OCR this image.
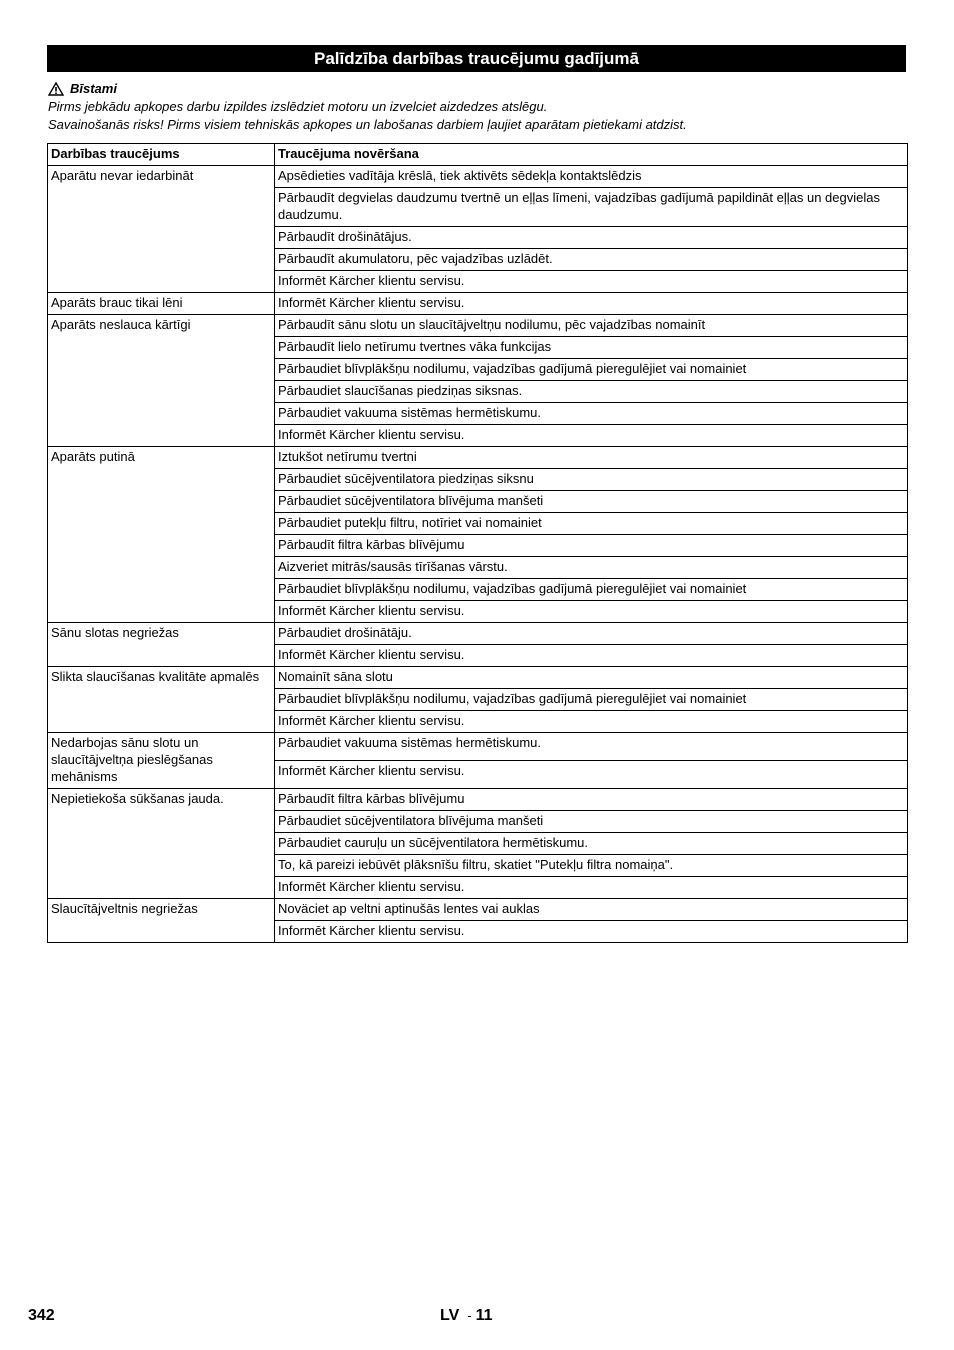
Palīdzība darbības traucējumu gadījumā
Bīstami
Pirms jebkādu apkopes darbu izpildes izslēdziet motoru un izvelciet aizdedzes atslēgu.
Savainošanās risks! Pirms visiem tehniskās apkopes un labošanas darbiem ļaujiet aparātam pietiekami atdzist.
Darbības traucējums	Traucējuma novēršana
Aparātu nevar iedarbināt	Apsēdieties vadītāja krēslā, tiek aktivēts sēdekļa kontaktslēdzis
	Pārbaudīt degvielas daudzumu tvertnē un eļļas līmeni, vajadzības gadījumā papildināt eļļas un degvielas daudzumu.
	Pārbaudīt drošinātājus.
	Pārbaudīt akumulatoru, pēc vajadzības uzlādēt.
	Informēt Kärcher klientu servisu.
Aparāts brauc tikai lēni	Informēt Kärcher klientu servisu.
Aparāts neslauca kārtīgi	Pārbaudīt sānu slotu un slaucītājveltņu nodilumu, pēc vajadzības nomainīt
	Pārbaudīt lielo netīrumu tvertnes vāka funkcijas
	Pārbaudiet blīvplākšņu nodilumu, vajadzības gadījumā pieregulējiet vai nomainiet
	Pārbaudiet slaucīšanas piedziņas siksnas.
	Pārbaudiet vakuuma sistēmas hermētiskumu.
	Informēt Kärcher klientu servisu.
Aparāts putinā	Iztukšot netīrumu tvertni
	Pārbaudiet sūcējventilatora piedziņas siksnu
	Pārbaudiet sūcējventilatora blīvējuma manšeti
	Pārbaudiet putekļu filtru, notīriet vai nomainiet
	Pārbaudīt filtra kārbas blīvējumu
	Aizveriet mitrās/sausās tīrīšanas vārstu.
	Pārbaudiet blīvplākšņu nodilumu, vajadzības gadījumā pieregulējiet vai nomainiet
	Informēt Kärcher klientu servisu.
Sānu slotas negriežas	Pārbaudiet drošinātāju.
	Informēt Kärcher klientu servisu.
Slikta slaucīšanas kvalitāte apmalēs	Nomainīt sāna slotu
	Pārbaudiet blīvplākšņu nodilumu, vajadzības gadījumā pieregulējiet vai nomainiet
	Informēt Kärcher klientu servisu.
Nedarbojas sānu slotu un slaucītājveltņa pieslēgšanas mehānisms	Pārbaudiet vakuuma sistēmas hermētiskumu.
	Informēt Kärcher klientu servisu.
Nepietiekoša sūkšanas jauda.	Pārbaudīt filtra kārbas blīvējumu
	Pārbaudiet sūcējventilatora blīvējuma manšeti
	Pārbaudiet cauruļu un sūcējventilatora hermētiskumu.
	To, kā pareizi iebūvēt plāksnīšu filtru, skatiet "Putekļu filtra nomaiņa".
	Informēt Kärcher klientu servisu.
Slaucītājveltnis negriežas	Noväciet ap veltni aptinušās lentes vai auklas
	Informēt Kärcher klientu servisu.
342	LV - 11
